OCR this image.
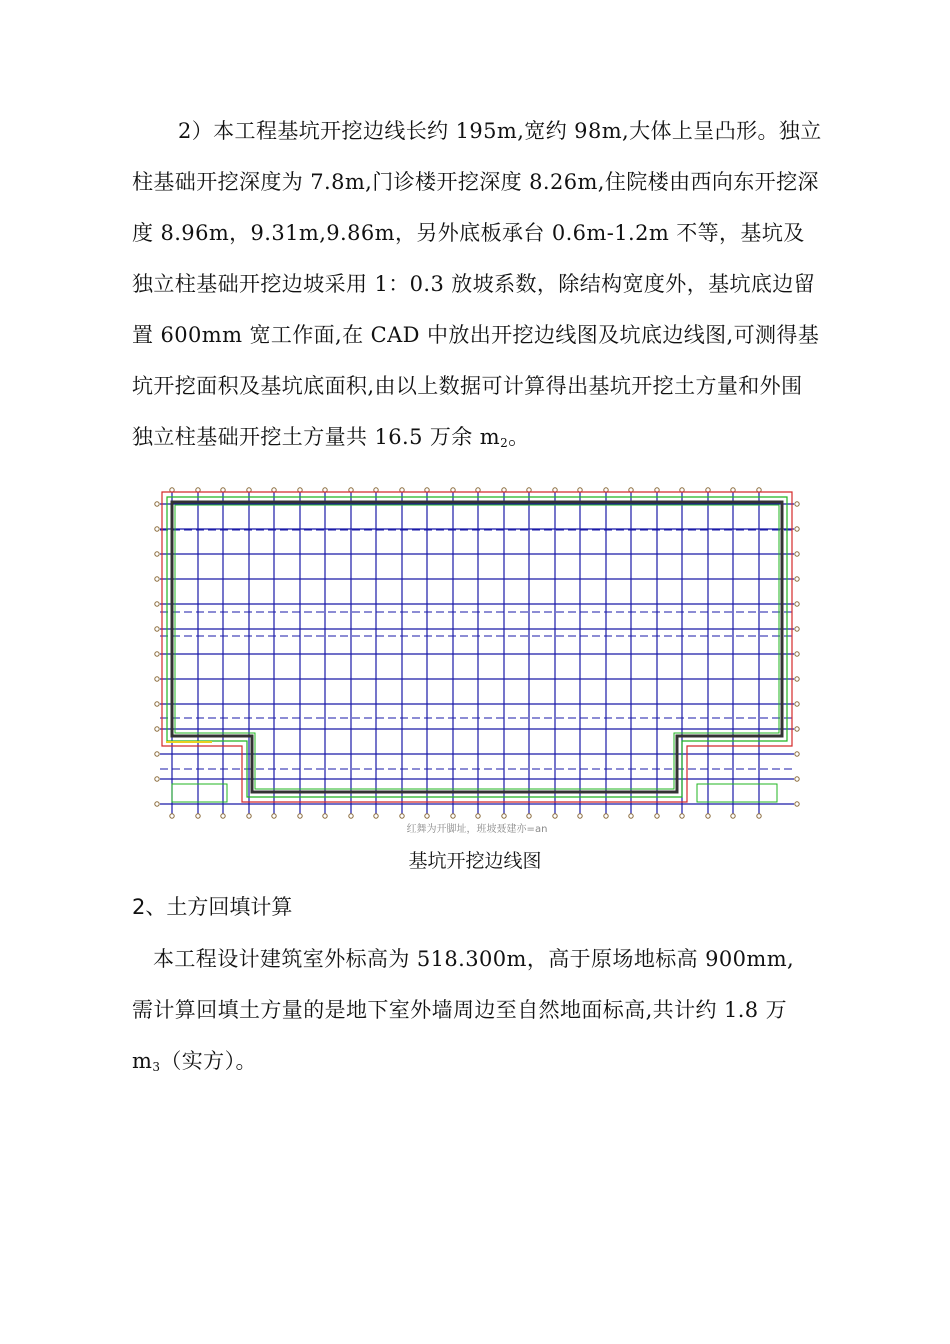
2）本工程基坑开挖边线长约 195m,宽约 98m,大体上呈凸形。独立
柱基础开挖深度为 7.8m,门诊楼开挖深度 8.26m,住院楼由西向东开挖深
度 8.96m，9.31m,9.86m，另外底板承台 0.6m-1.2m 不等，基坑及
独立柱基础开挖边坡采用 1：0.3 放坡系数，除结构宽度外，基坑底边留
置 600mm 宽工作面,在 CAD 中放出开挖边线图及坑底边线图,可测得基
坑开挖面积及基坑底面积,由以上数据可计算得出基坑开挖土方量和外围
独立柱基础开挖土方量共 16.5 万余 $m_2$。
红舞为开脚址，班坡聂建亦=an
基坑开挖边线图
2、土方回填计算
本工程设计建筑室外标高为 518.300m，高于原场地标高 900mm,
需计算回填土方量的是地下室外墙周边至自然地面标高,共计约 1.8 万
$m_3$（实方）。
